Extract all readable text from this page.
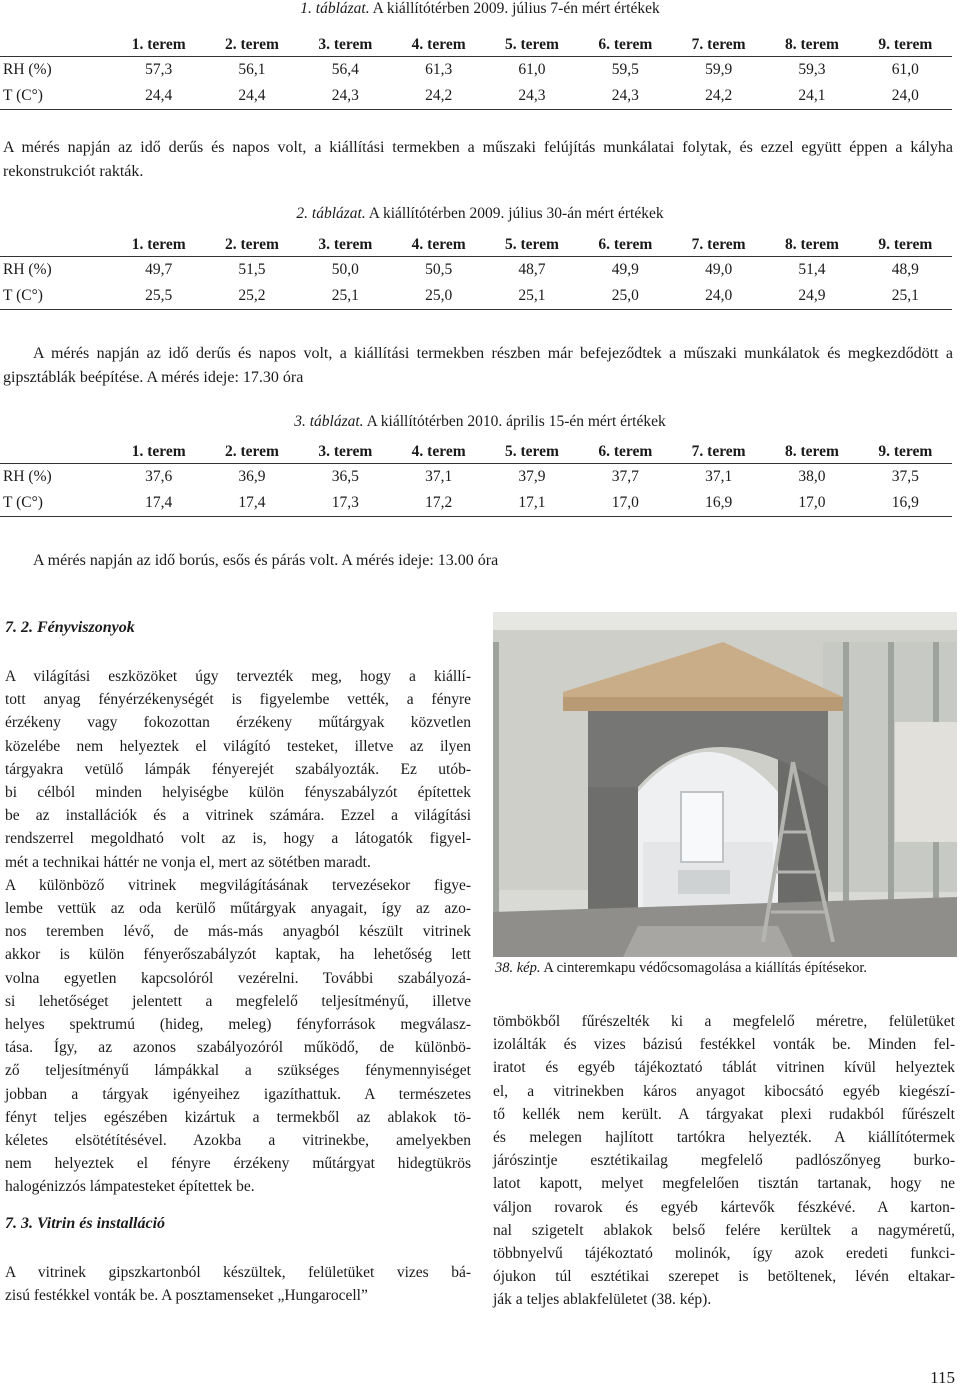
1. táblázat. A kiállítótérben 2009. július 7-én mért értékek
	1. terem	2. terem	3. terem	4. terem	5. terem	6. terem	7. terem	8. terem	9. terem
RH (%)	57,3	56,1	56,4	61,3	61,0	59,5	59,9	59,3	61,0
T (C°)	24,4	24,4	24,3	24,2	24,3	24,3	24,2	24,1	24,0
A mérés napján az idő derűs és napos volt, a kiállítási termekben a műszaki felújítás munkálatai folytak, és ezzel együtt éppen a kályha rekonstrukciót rakták.
2. táblázat. A kiállítótérben 2009. július 30-án mért értékek
	1. terem	2. terem	3. terem	4. terem	5. terem	6. terem	7. terem	8. terem	9. terem
RH (%)	49,7	51,5	50,0	50,5	48,7	49,9	49,0	51,4	48,9
T (C°)	25,5	25,2	25,1	25,0	25,1	25,0	24,0	24,9	25,1
A mérés napján az idő derűs és napos volt, a kiállítási termekben részben már befejeződtek a műszaki munkálatok és megkezdődött a gipsztáblák beépítése. A mérés ideje: 17.30 óra
3. táblázat. A kiállítótérben 2010. április 15-én mért értékek
	1. terem	2. terem	3. terem	4. terem	5. terem	6. terem	7. terem	8. terem	9. terem
RH (%)	37,6	36,9	36,5	37,1	37,9	37,7	37,1	38,0	37,5
T (C°)	17,4	17,4	17,3	17,2	17,1	17,0	16,9	17,0	16,9
A mérés napján az idő borús, esős és párás volt. A mérés ideje: 13.00 óra
7. 2. Fényviszonyok
A világítási eszközöket úgy tervezték meg, hogy a kiállí-
tott anyag fényérzékenységét is figyelembe vették, a fényre
érzékeny vagy fokozottan érzékeny műtárgyak közvetlen
közelébe nem helyeztek el világító testeket, illetve az ilyen
tárgyakra vetülő lámpák fényerejét szabályozták. Ez utób-
bi célból minden helyiségbe külön fényszabályzót építettek
be az installációk és a vitrinek számára. Ezzel a világítási
rendszerrel megoldható volt az is, hogy a látogatók figyel-
mét a technikai háttér ne vonja el, mert az sötétben maradt.
A különböző vitrinek megvilágításának tervezésekor figye-
lembe vettük az oda kerülő műtárgyak anyagait, így az azo-
nos teremben lévő, de más-más anyagból készült vitrinek
akkor is külön fényerőszabályzót kaptak, ha lehetőség lett
volna egyetlen kapcsolóról vezérelni. További szabályozá-
si lehetőséget jelentett a megfelelő teljesítményű, illetve
helyes spektrumú (hideg, meleg) fényforrások megválasz-
tása. Így, az azonos szabályozóról működő, de különbö-
ző teljesítményű lámpákkal a szükséges fénymennyiséget
jobban a tárgyak igényeihez igazíthattuk. A természetes
fényt teljes egészében kizártuk a termekből az ablakok tö-
kéletes elsötétítésével. Azokba a vitrinekbe, amelyekben
nem helyeztek el fényre érzékeny műtárgyat hidegtükrös
halogénizzós lámpatesteket építettek be.
7. 3. Vitrin és installáció
A vitrinek gipszkartonból készültek, felületüket vizes bá-
zisú festékkel vonták be. A posztamenseket „Hungarocell”
38. kép. A cinteremkapu védőcsomagolása a kiállítás építésekor.
tömbökből fűrészelték ki a megfelelő méretre, felületüket
izolálták és vizes bázisú festékkel vonták be. Minden fel-
iratot és egyéb tájékoztató táblát vitrinen kívül helyeztek
el, a vitrinekben káros anyagot kibocsátó egyéb kiegészí-
tő kellék nem került. A tárgyakat plexi rudakból fűrészelt
és melegen hajlított tartókra helyezték. A kiállítótermek
járószintje esztétikailag megfelelő padlószőnyeg burko-
latot kapott, melyet megfelelően tisztán tartanak, hogy ne
váljon rovarok és egyéb kártevők fészkévé. A karton-
nal szigetelt ablakok belső felére kerültek a nagyméretű,
többnyelvű tájékoztató molinók, így azok eredeti funkci-
ójukon túl esztétikai szerepet is betöltenek, lévén eltakar-
ják a teljes ablakfelületet (38. kép).
115
